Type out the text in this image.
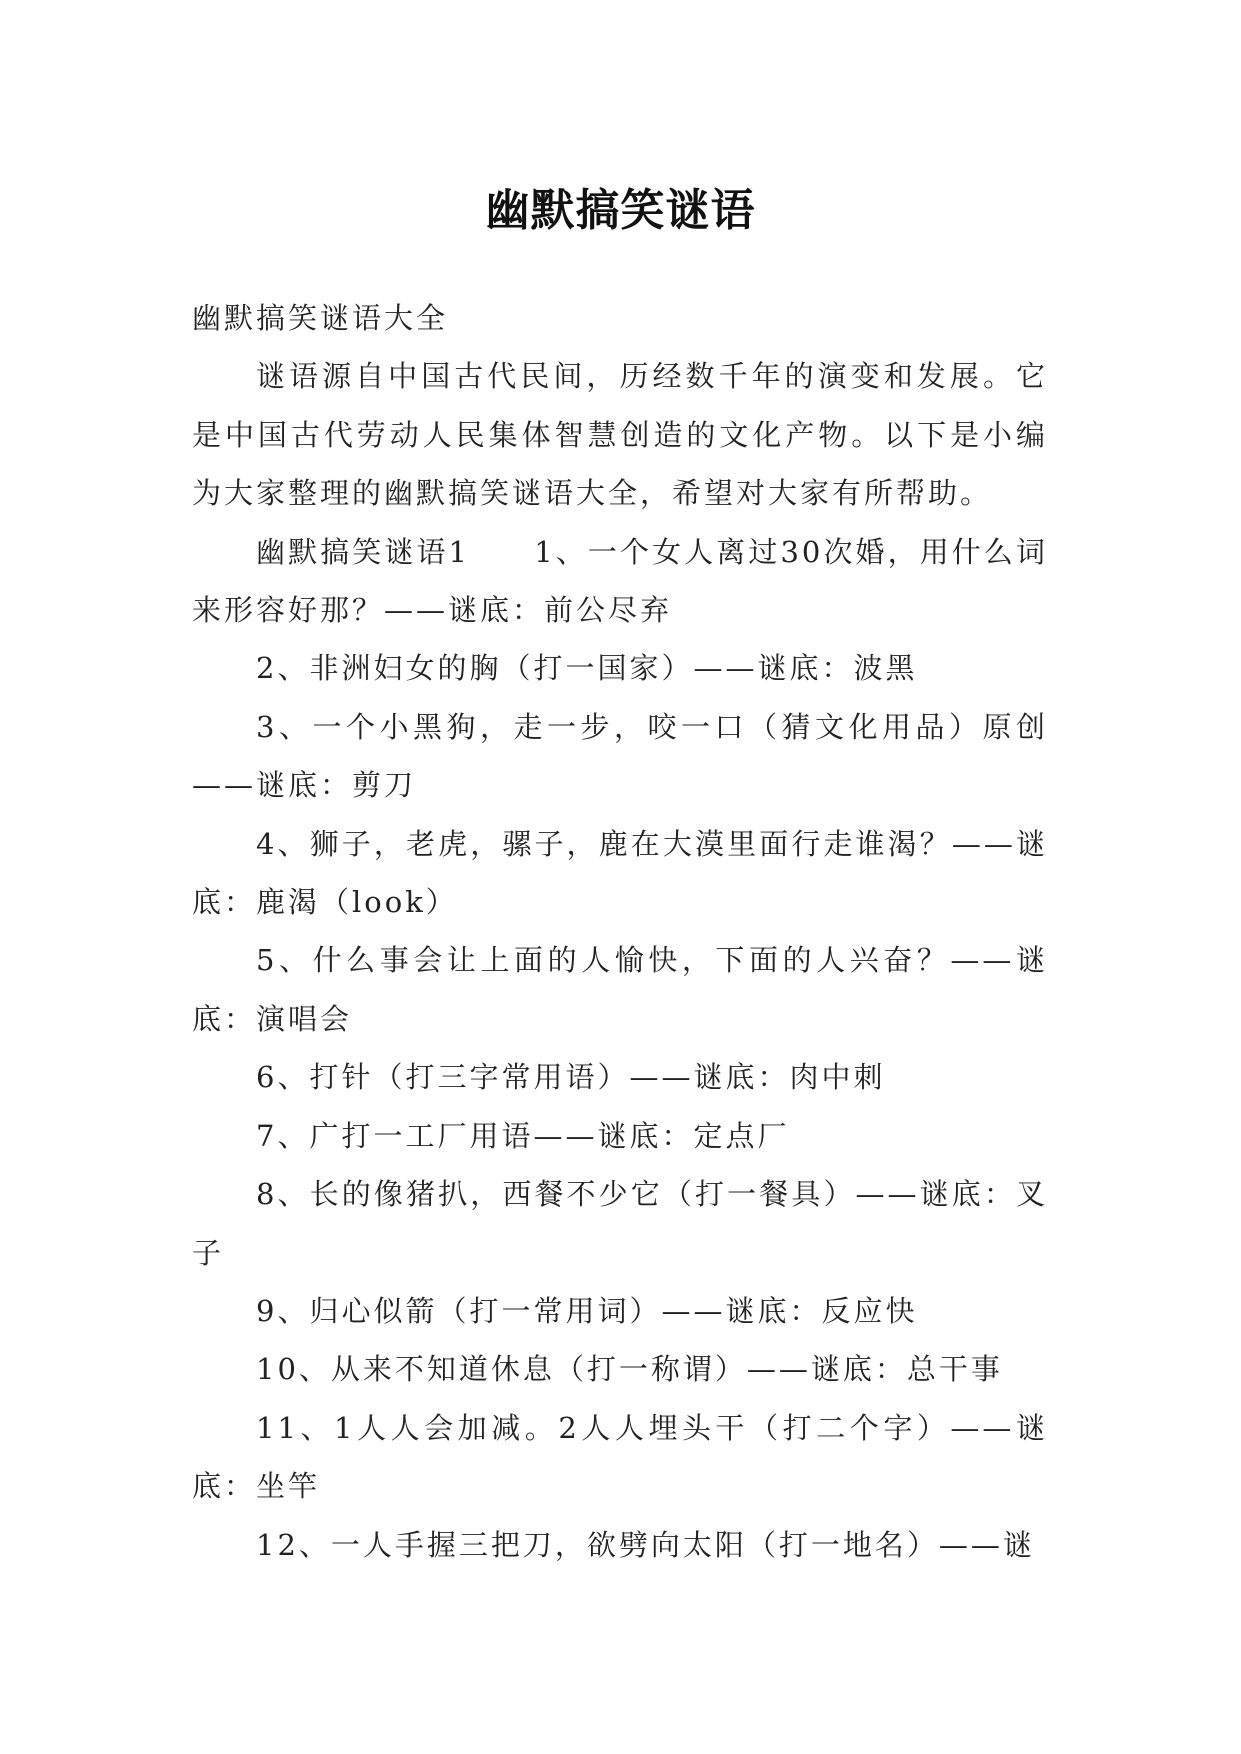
幽默搞笑谜语

幽默搞笑谜语大全

谜语源自中国古代民间，历经数千年的演变和发展。它是中国古代劳动人民集体智慧创造的文化产物。以下是小编为大家整理的幽默搞笑谜语大全，希望对大家有所帮助。

幽默搞笑谜语1　　1、一个女人离过30次婚，用什么词来形容好那？——谜底：前公尽弃

2、非洲妇女的胸（打一国家）——谜底：波黑

3、一个小黑狗，走一步，咬一口（猜文化用品）原创——谜底：剪刀

4、狮子，老虎，骡子，鹿在大漠里面行走谁渴？——谜底：鹿渴（look）

5、什么事会让上面的人愉快，下面的人兴奋？——谜底：演唱会

6、打针（打三字常用语）——谜底：肉中刺

7、广打一工厂用语——谜底：定点厂

8、长的像猪扒，西餐不少它（打一餐具）——谜底：叉子

9、归心似箭（打一常用词）——谜底：反应快

10、从来不知道休息（打一称谓）——谜底：总干事

11、1人人会加减。2人人埋头干（打二个字）——谜底：坐竿

12、一人手握三把刀，欲劈向太阳（打一地名）——谜
